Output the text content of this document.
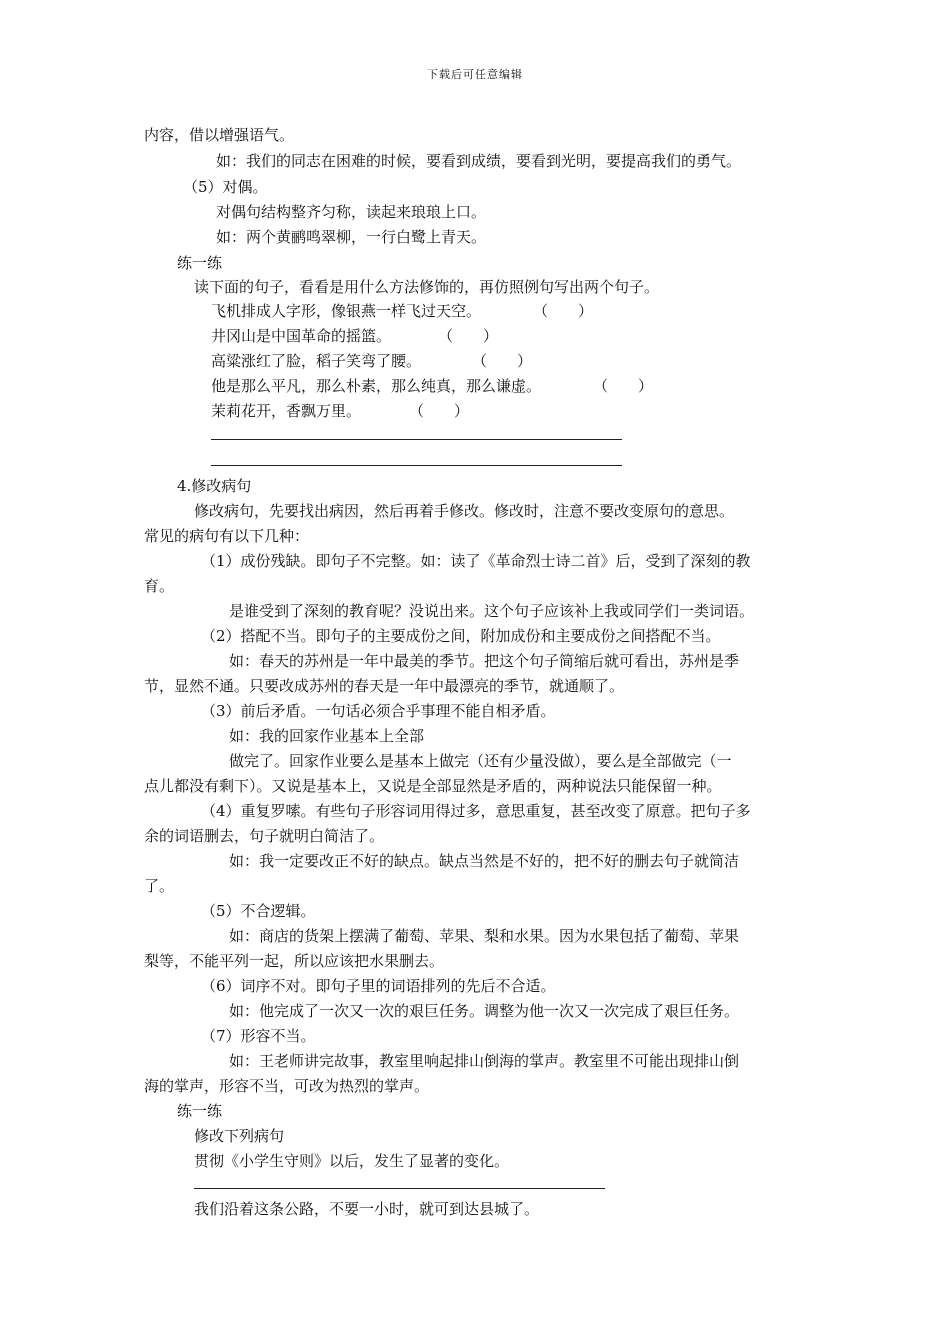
下载后可任意编辑
内容，借以增强语气。
如：我们的同志在困难的时候，要看到成绩，要看到光明，要提高我们的勇气。
（5）对偶。
对偶句结构整齐匀称，读起来琅琅上口。
如：两个黄鹂鸣翠柳，一行白鹭上青天。
练一练
读下面的句子，看看是用什么方法修饰的，再仿照例句写出两个句子。
飞机排成人字形，像银燕一样飞过天空。	（ ）
井冈山是中国革命的摇篮。	（ ）
高粱涨红了脸，稻子笑弯了腰。	（ ）
他是那么平凡，那么朴素，那么纯真，那么谦虚。	（ ）
茉莉花开，香飘万里。	（ ）
4.修改病句
修改病句，先要找出病因，然后再着手修改。修改时，注意不要改变原句的意思。
常见的病句有以下几种：
（1）成份残缺。即句子不完整。如：读了《革命烈士诗二首》后，受到了深刻的教
育。
是谁受到了深刻的教育呢？没说出来。这个句子应该补上我或同学们一类词语。
（2）搭配不当。即句子的主要成份之间，附加成份和主要成份之间搭配不当。
如：春天的苏州是一年中最美的季节。把这个句子简缩后就可看出，苏州是季
节，显然不通。只要改成苏州的春天是一年中最漂亮的季节，就通顺了。
（3）前后矛盾。一句话必须合乎事理不能自相矛盾。
如：我的回家作业基本上全部
做完了。回家作业要么是基本上做完（还有少量没做），要么是全部做完（一
点儿都没有剩下）。又说是基本上，又说是全部显然是矛盾的，两种说法只能保留一种。
（4）重复罗嗦。有些句子形容词用得过多，意思重复，甚至改变了原意。把句子多
余的词语删去，句子就明白简洁了。
如：我一定要改正不好的缺点。缺点当然是不好的，把不好的删去句子就简洁
了。
（5）不合逻辑。
如：商店的货架上摆满了葡萄、苹果、梨和水果。因为水果包括了葡萄、苹果
梨等，不能平列一起，所以应该把水果删去。
（6）词序不对。即句子里的词语排列的先后不合适。
如：他完成了一次又一次的艰巨任务。调整为他一次又一次完成了艰巨任务。
（7）形容不当。
如：王老师讲完故事，教室里响起排山倒海的掌声。教室里不可能出现排山倒
海的掌声，形容不当，可改为热烈的掌声。
练一练
修改下列病句
贯彻《小学生守则》以后，发生了显著的变化。
我们沿着这条公路，不要一小时，就可到达县城了。
